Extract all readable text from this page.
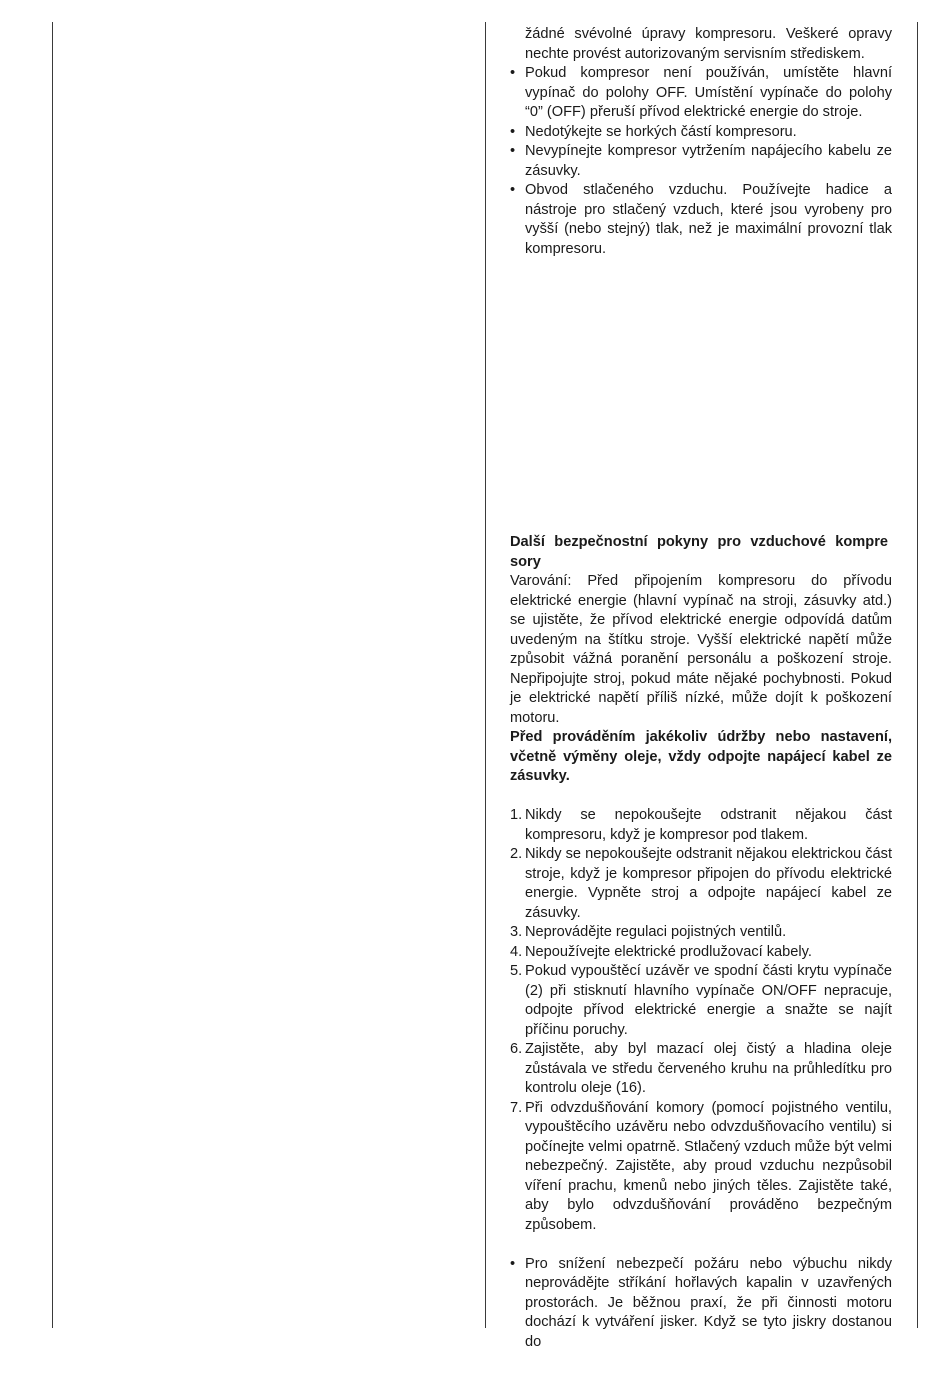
žádné svévolné úpravy kompresoru. Veškeré opravy nechte provést autorizovaným servisním střediskem.
• Pokud kompresor není používán, umístěte hlavní vypínač do polohy OFF. Umístění vypínače do polohy “0” (OFF) přeruší přívod elektrické energie do stroje.
• Nedotýkejte se horkých částí kompresoru.
• Nevypínejte kompresor vytržením napájecího kabelu ze zásuvky.
• Obvod stlačeného vzduchu. Používejte hadice a nástroje pro stlačený vzduch, které jsou vyrobeny pro vyšší (nebo stejný) tlak, než je maximální provozní tlak kompresoru.
Další bezpečnostní pokyny pro vzduchové kompre sory
Varování: Před připojením kompresoru do přívodu elektrické energie (hlavní vypínač na stroji, zásuvky atd.) se ujistěte, že přívod elektrické energie odpovídá datům uvedeným na štítku stroje. Vyšší elektrické napětí může způsobit vážná poranění personálu a poškození stroje. Nepřipojujte stroj, pokud máte nějaké pochybnosti. Pokud je elektrické napětí příliš nízké, může dojít k poškození motoru.
Před prováděním jakékoliv údržby nebo nastavení, včetně výměny oleje, vždy odpojte napájecí kabel ze zásuvky.
1. Nikdy se nepokoušejte odstranit nějakou část kompresoru, když je kompresor pod tlakem.
2. Nikdy se nepokoušejte odstranit nějakou elektrickou část stroje, když je kompresor připojen do přívodu elektrické energie. Vypněte stroj a odpojte napájecí kabel ze zásuvky.
3. Neprovádějte regulaci pojistných ventilů.
4. Nepoužívejte elektrické prodlužovací kabely.
5. Pokud vypouštěcí uzávěr ve spodní části krytu vypínače (2) při stisknutí hlavního vypínače ON/OFF nepracuje, odpojte přívod elektrické energie a snažte se najít příčinu poruchy.
6. Zajistěte, aby byl mazací olej čistý a hladina oleje zůstávala ve středu červeného kruhu na průhledítku pro kontrolu oleje (16).
7. Při odvzdušňování komory (pomocí pojistného ventilu, vypouštěcího uzávěru nebo odvzdušňovacího ventilu) si počínejte velmi opatrně. Stlačený vzduch může být velmi nebezpečný. Zajistěte, aby proud vzduchu nezpůsobil víření prachu, kmenů nebo jiných těles. Zajistěte také, aby bylo odvzdušňování prováděno bezpečným způsobem.
• Pro snížení nebezpečí požáru nebo výbuchu nikdy neprovádějte stříkání hořlavých kapalin v uzavřených prostorách. Je běžnou praxí, že při činnosti motoru dochází k vytváření jisker. Když se tyto jiskry dostanou do
